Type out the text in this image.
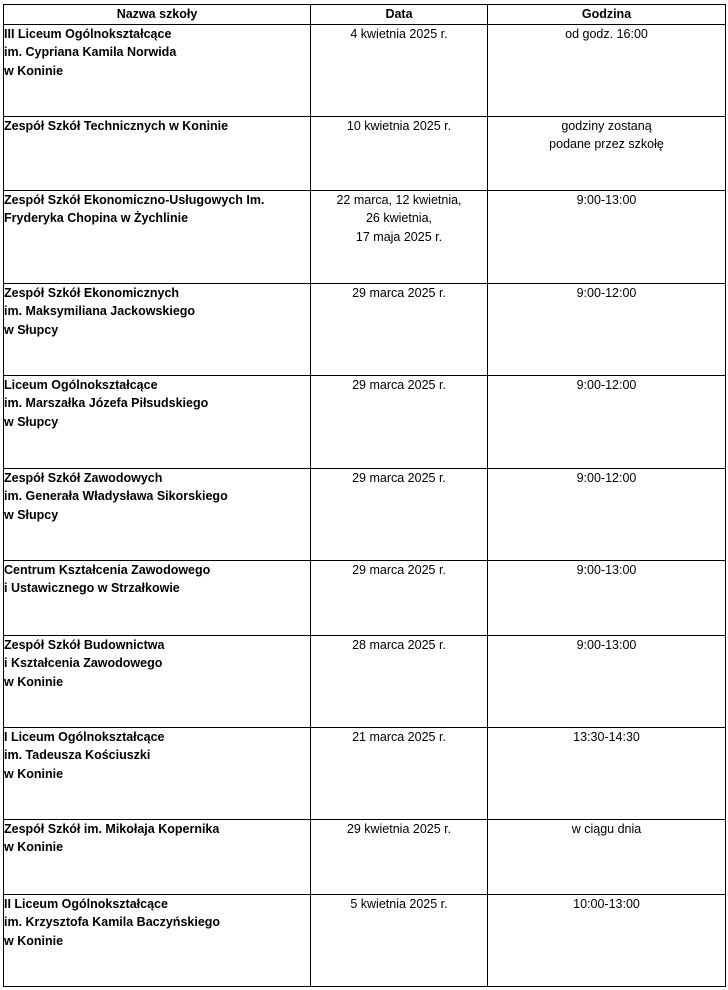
Nazwa szkoły	Data	Godzina

III Liceum Ogólnokształcące
im. Cypriana Kamila Norwida
w Koninie	4 kwietnia 2025 r.	od godz. 16:00

Zespół Szkół Technicznych w Koninie	10 kwietnia 2025 r.	godziny zostaną
podane przez szkołę

Zespół Szkół Ekonomiczno-Usługowych Im.
Fryderyka Chopina w Żychlinie	22 marca, 12 kwietnia,
26 kwietnia,
17 maja 2025 r.	9:00-13:00

Zespół Szkół Ekonomicznych
im. Maksymiliana Jackowskiego
w Słupcy	29 marca 2025 r.	9:00-12:00

Liceum Ogólnokształcące
im. Marszałka Józefa Piłsudskiego
w Słupcy	29 marca 2025 r.	9:00-12:00

Zespół Szkół Zawodowych
im. Generała Władysława Sikorskiego
w Słupcy	29 marca 2025 r.	9:00-12:00

Centrum Kształcenia Zawodowego
i Ustawicznego w Strzałkowie	29 marca 2025 r.	9:00-13:00

Zespół Szkół Budownictwa
i Kształcenia Zawodowego
w Koninie	28 marca 2025 r.	9:00-13:00

I Liceum Ogólnokształcące
im. Tadeusza Kościuszki
w Koninie	21 marca 2025 r.	13:30-14:30

Zespół Szkół im. Mikołaja Kopernika
w Koninie	29 kwietnia 2025 r.	w ciągu dnia

II Liceum Ogólnokształcące
im. Krzysztofa Kamila Baczyńskiego
w Koninie	5 kwietnia 2025 r.	10:00-13:00
